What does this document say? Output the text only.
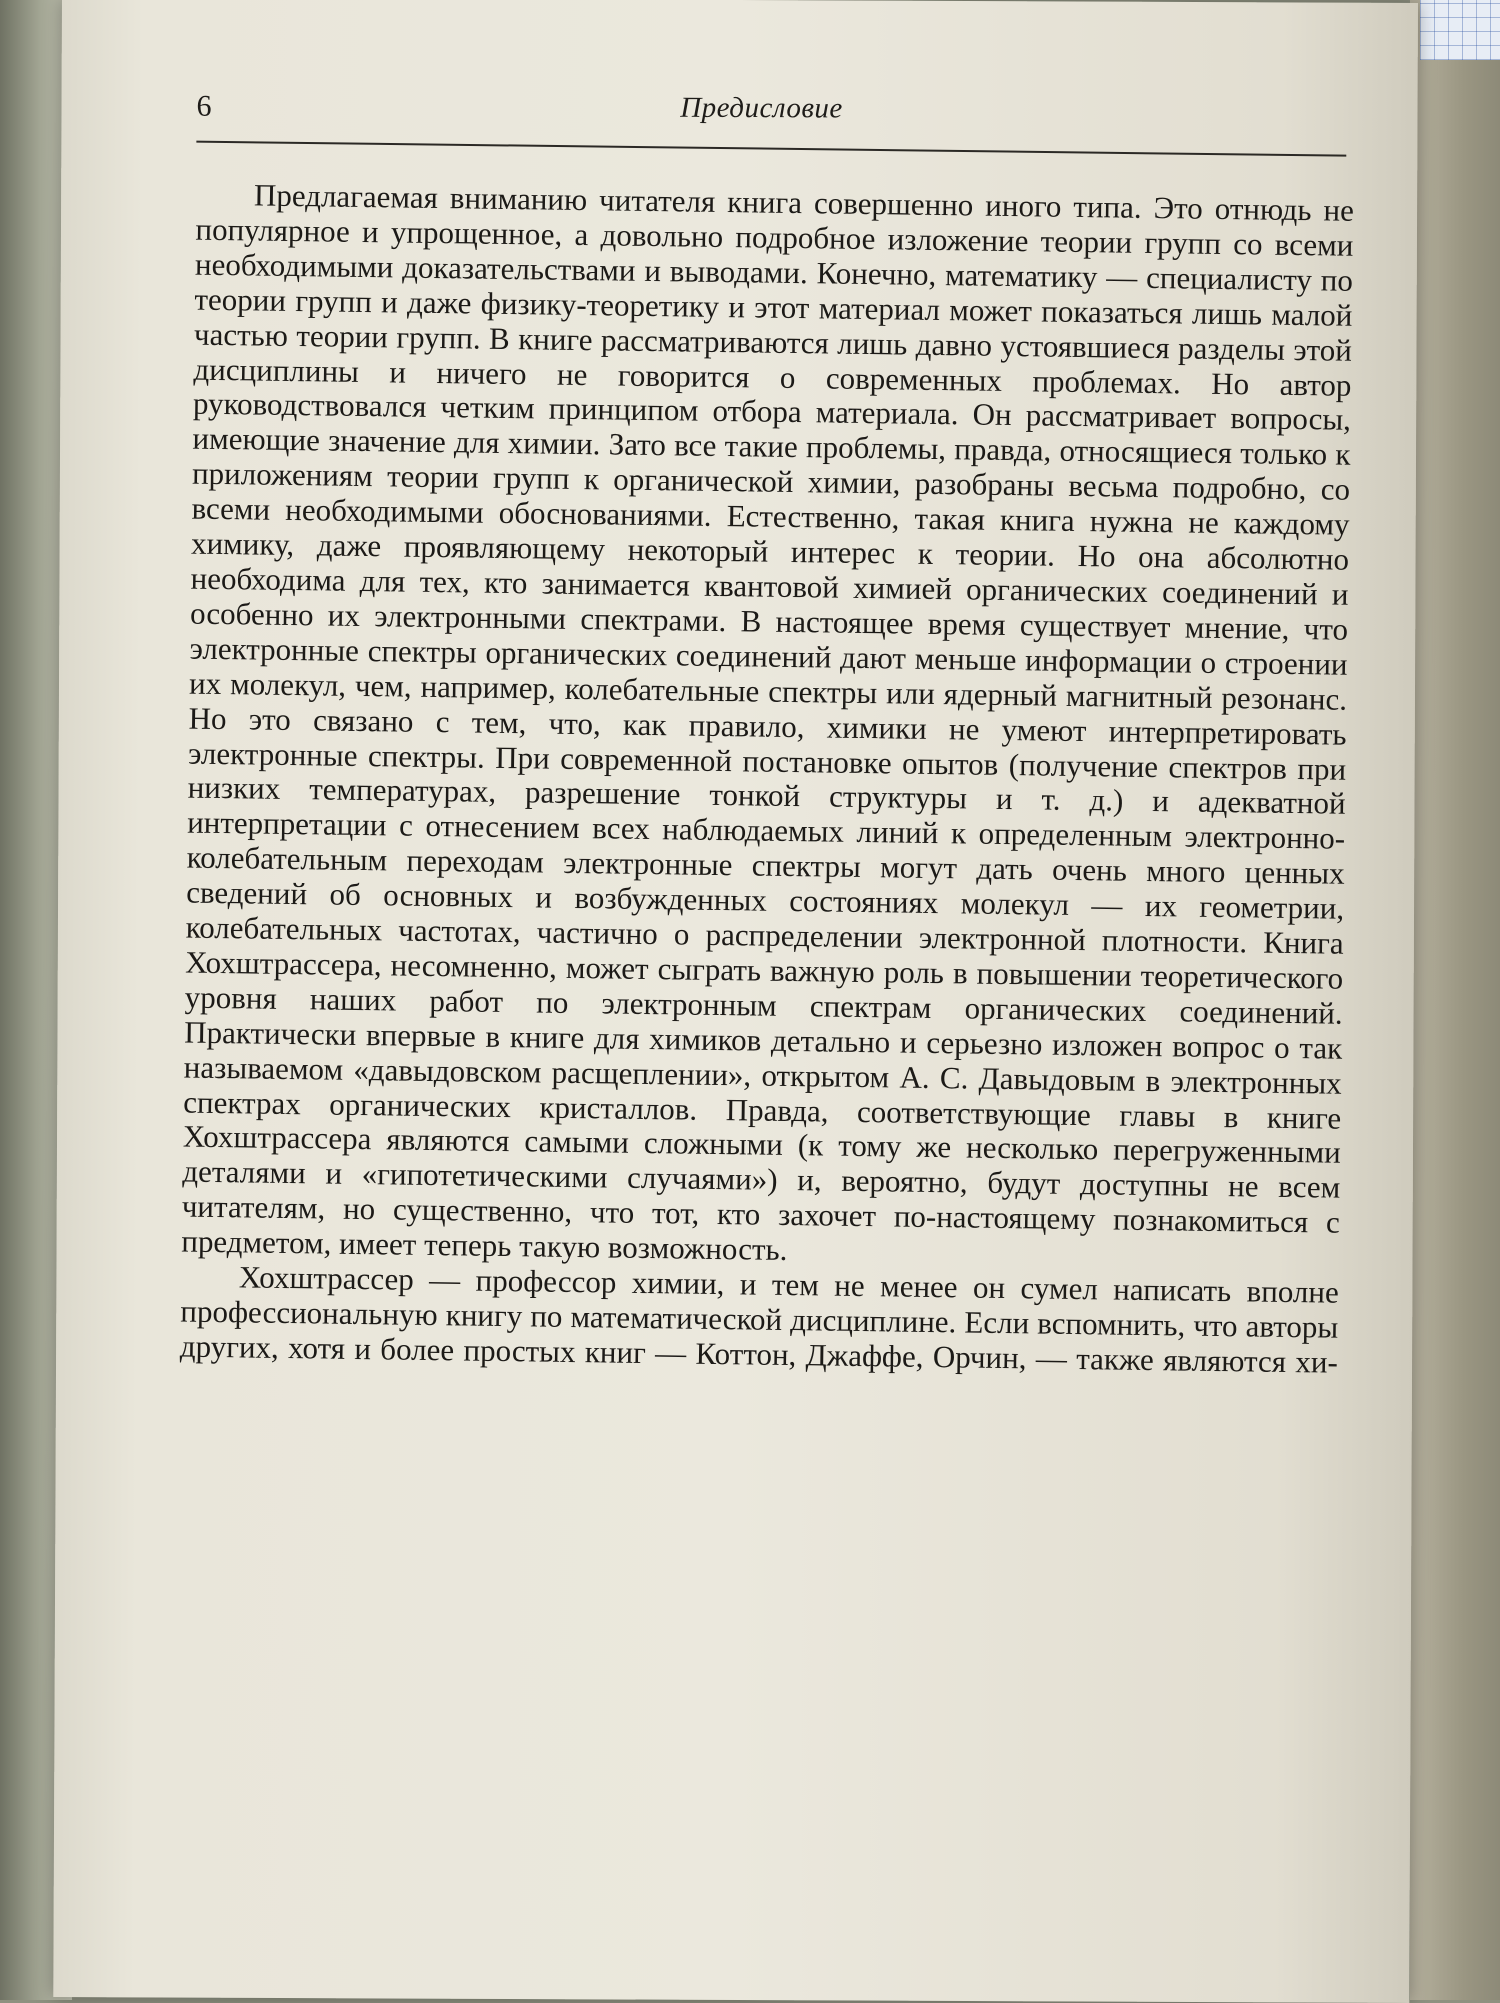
Предисловие
6

Предлагаемая вниманию читателя книга совершенно иного типа. Это отнюдь не популярное и упрощенное, а довольно подробное изложение теории групп со всеми необходимыми доказательствами и выводами. Конечно, математику — специалисту по теории групп и даже физику-теоретику и этот материал может показаться лишь малой частью теории групп. В книге рассматриваются лишь давно устоявшиеся разделы этой дисциплины и ничего не говорится о современных проблемах. Но автор руководствовался четким принципом отбора материала. Он рассматривает вопросы, имеющие значение для химии. Зато все такие проблемы, правда, относящиеся только к приложениям теории групп к органической химии, разобраны весьма подробно, со всеми необходимыми обоснованиями. Естественно, такая книга нужна не каждому химику, даже проявляющему некоторый интерес к теории. Но она абсолютно необходима для тех, кто занимается квантовой химией органических соединений и особенно их электронными спектрами. В настоящее время существует мнение, что электронные спектры органических соединений дают меньше информации о строении их молекул, чем, например, колебательные спектры или ядерный магнитный резонанс. Но это связано с тем, что, как правило, химики не умеют интерпретировать электронные спектры. При современной постановке опытов (получение спектров при низких температурах, разрешение тонкой структуры и т. д.) и адекватной интерпретации с отнесением всех наблюдаемых линий к определенным электронно-колебательным переходам электронные спектры могут дать очень много ценных сведений об основных и возбужденных состояниях молекул — их геометрии, колебательных частотах, частично о распределении электронной плотности. Книга Хохштрассера, несомненно, может сыграть важную роль в повышении теоретического уровня наших работ по электронным спектрам органических соединений. Практически впервые в книге для химиков детально и серьезно изложен вопрос о так называемом «давыдовском расщеплении», открытом А. С. Давыдовым в электронных спектрах органических кристаллов. Правда, соответствующие главы в книге Хохштрассера являются самыми сложными (к тому же несколько перегруженными деталями и «гипотетическими случаями») и, вероятно, будут доступны не всем читателям, но существенно, что тот, кто захочет по-настоящему познакомиться с предметом, имеет теперь такую возможность.

Хохштрассер — профессор химии, и тем не менее он сумел написать вполне профессиональную книгу по математической дисциплине. Если вспомнить, что авторы других, хотя и более простых книг — Коттон, Джаффе, Орчин, — также являются хи-
